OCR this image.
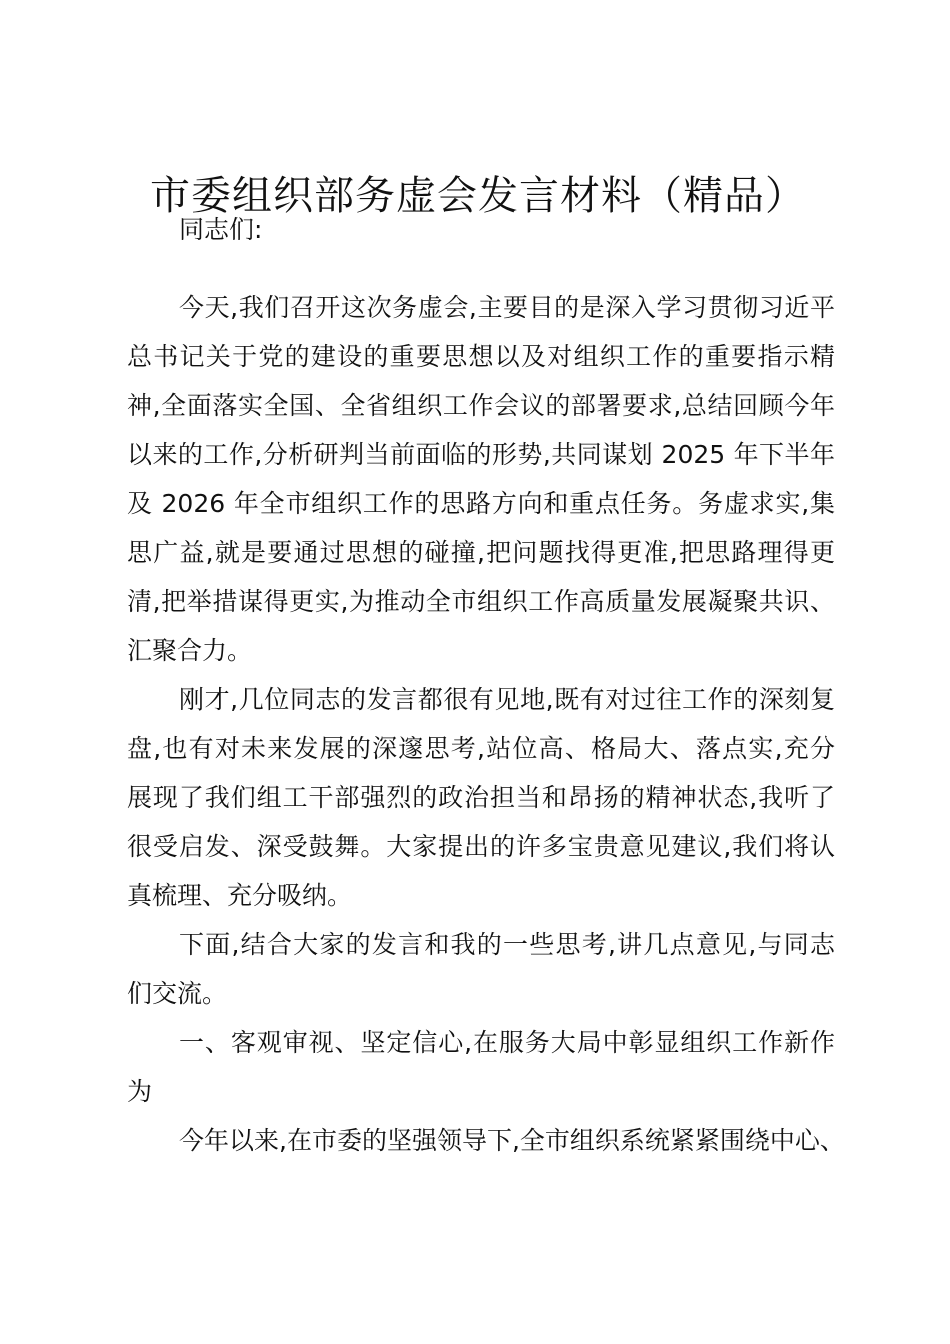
市委组织部务虚会发言材料（精品）
同志们:
今天,我们召开这次务虚会,主要目的是深入学习贯彻习近平
总书记关于党的建设的重要思想以及对组织工作的重要指示精
神,全面落实全国、全省组织工作会议的部署要求,总结回顾今年
以来的工作,分析研判当前面临的形势,共同谋划 2025 年下半年
及 2026 年全市组织工作的思路方向和重点任务。务虚求实,集
思广益,就是要通过思想的碰撞,把问题找得更准,把思路理得更
清,把举措谋得更实,为推动全市组织工作高质量发展凝聚共识、
汇聚合力。
刚才,几位同志的发言都很有见地,既有对过往工作的深刻复
盘,也有对未来发展的深邃思考,站位高、格局大、落点实,充分
展现了我们组工干部强烈的政治担当和昂扬的精神状态,我听了
很受启发、深受鼓舞。大家提出的许多宝贵意见建议,我们将认
真梳理、充分吸纳。
下面,结合大家的发言和我的一些思考,讲几点意见,与同志
们交流。
一、客观审视、坚定信心,在服务大局中彰显组织工作新作
为
今年以来,在市委的坚强领导下,全市组织系统紧紧围绕中心、
